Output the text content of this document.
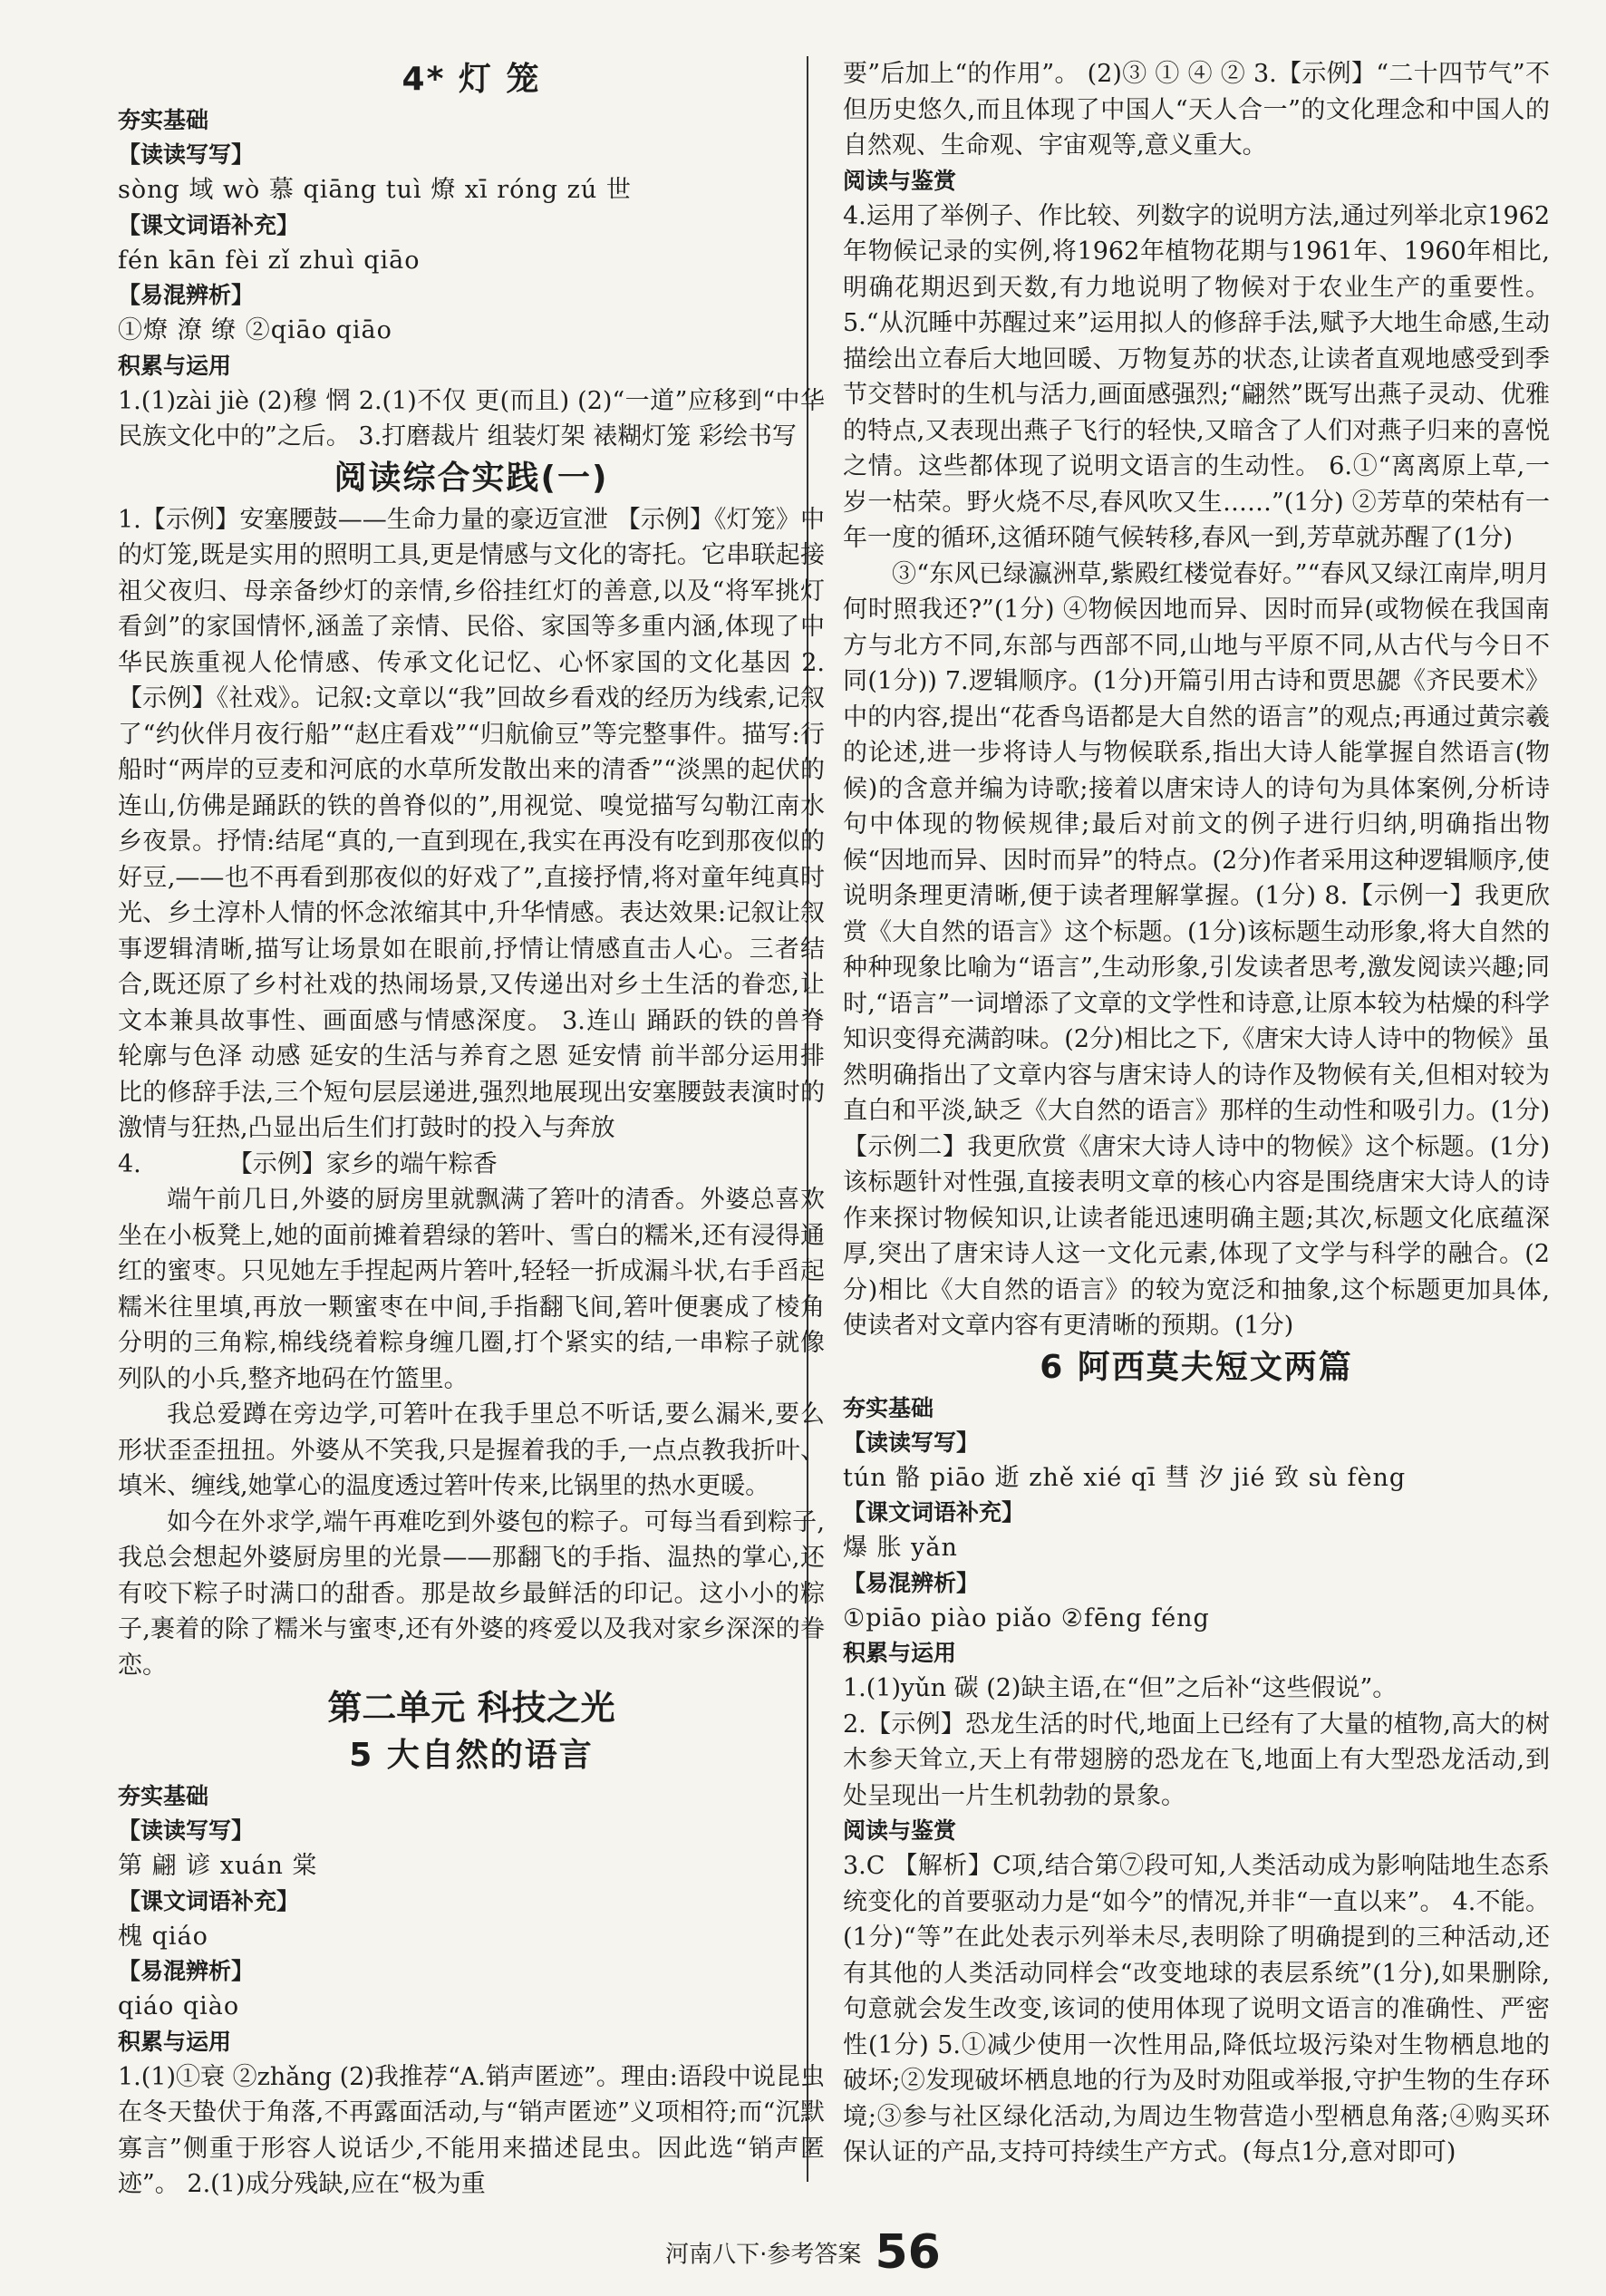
4* 灯 笼
夯实基础
【读读写写】

sòng 域 wò 慕 qiāng tuì 燎 xī róng zú 世

【课文词语补充】

fén kān fèi zǐ zhuì qiāo

【易混辨析】

①燎 潦 缭 ②qiāo qiāo

积累与运用

1.(1)zài jiè (2)穆 惘 2.(1)不仅 更(而且) (2)“一道”应移到“中华民族文化中的”之后。 3.打磨裁片 组装灯架 裱糊灯笼 彩绘书写

阅读综合实践(一)

1.【示例】安塞腰鼓——生命力量的豪迈宣泄 【示例】《灯笼》中的灯笼,既是实用的照明工具,更是情感与文化的寄托。它串联起接祖父夜归、母亲备纱灯的亲情,乡俗挂红灯的善意,以及“将军挑灯看剑”的家国情怀,涵盖了亲情、民俗、家国等多重内涵,体现了中华民族重视人伦情感、传承文化记忆、心怀家国的文化基因 2.【示例】《社戏》。记叙:文章以“我”回故乡看戏的经历为线索,记叙了“约伙伴月夜行船”“赵庄看戏”“归航偷豆”等完整事件。描写:行船时“两岸的豆麦和河底的水草所发散出来的清香”“淡黑的起伏的连山,仿佛是踊跃的铁的兽脊似的”,用视觉、嗅觉描写勾勒江南水乡夜景。抒情:结尾“真的,一直到现在,我实在再没有吃到那夜似的好豆,——也不再看到那夜似的好戏了”,直接抒情,将对童年纯真时光、乡土淳朴人情的怀念浓缩其中,升华情感。表达效果:记叙让叙事逻辑清晰,描写让场景如在眼前,抒情让情感直击人心。三者结合,既还原了乡村社戏的热闹场景,又传递出对乡土生活的眷恋,让文本兼具故事性、画面感与情感深度。 3.连山 踊跃的铁的兽脊 轮廓与色泽 动感 延安的生活与养育之恩 延安情 前半部分运用排比的修辞手法,三个短句层层递进,强烈地展现出安塞腰鼓表演时的激情与狂热,凸显出后生们打鼓时的投入与奔放

4.	【示例】家乡的端午粽香

端午前几日,外婆的厨房里就飘满了箬叶的清香。外婆总喜欢坐在小板凳上,她的面前摊着碧绿的箬叶、雪白的糯米,还有浸得通红的蜜枣。只见她左手捏起两片箬叶,轻轻一折成漏斗状,右手舀起糯米往里填,再放一颗蜜枣在中间,手指翻飞间,箬叶便裹成了棱角分明的三角粽,棉线绕着粽身缠几圈,打个紧实的结,一串粽子就像列队的小兵,整齐地码在竹篮里。

我总爱蹲在旁边学,可箬叶在我手里总不听话,要么漏米,要么形状歪歪扭扭。外婆从不笑我,只是握着我的手,一点点教我折叶、填米、缠线,她掌心的温度透过箬叶传来,比锅里的热水更暖。

如今在外求学,端午再难吃到外婆包的粽子。可每当看到粽子,我总会想起外婆厨房里的光景——那翻飞的手指、温热的掌心,还有咬下粽子时满口的甜香。那是故乡最鲜活的印记。这小小的粽子,裹着的除了糯米与蜜枣,还有外婆的疼爱以及我对家乡深深的眷恋。

第二单元 科技之光
5 大自然的语言
夯实基础
【读读写写】

第 翩 谚 xuán 棠

【课文词语补充】

槐 qiáo

【易混辨析】

qiáo qiào

积累与运用

1.(1)①衰 ②zhǎng (2)我推荐“A.销声匿迹”。理由:语段中说昆虫在冬天蛰伏于角落,不再露面活动,与“销声匿迹”义项相符;而“沉默寡言”侧重于形容人说话少,不能用来描述昆虫。因此选“销声匿迹”。 2.(1)成分残缺,应在“极为重

要”后加上“的作用”。 (2)③ ① ④ ② 3.【示例】“二十四节气”不但历史悠久,而且体现了中国人“天人合一”的文化理念和中国人的自然观、生命观、宇宙观等,意义重大。

阅读与鉴赏

4.运用了举例子、作比较、列数字的说明方法,通过列举北京1962年物候记录的实例,将1962年植物花期与1961年、1960年相比,明确花期迟到天数,有力地说明了物候对于农业生产的重要性。 5.“从沉睡中苏醒过来”运用拟人的修辞手法,赋予大地生命感,生动描绘出立春后大地回暖、万物复苏的状态,让读者直观地感受到季节交替时的生机与活力,画面感强烈;“翩然”既写出燕子灵动、优雅的特点,又表现出燕子飞行的轻快,又暗含了人们对燕子归来的喜悦之情。这些都体现了说明文语言的生动性。 6.①“离离原上草,一岁一枯荣。野火烧不尽,春风吹又生……”(1分) ②芳草的荣枯有一年一度的循环,这循环随气候转移,春风一到,芳草就苏醒了(1分)

③“东风已绿瀛洲草,紫殿红楼觉春好。”“春风又绿江南岸,明月何时照我还?”(1分) ④物候因地而异、因时而异(或物候在我国南方与北方不同,东部与西部不同,山地与平原不同,从古代与今日不同(1分)) 7.逻辑顺序。(1分)开篇引用古诗和贾思勰《齐民要术》中的内容,提出“花香鸟语都是大自然的语言”的观点;再通过黄宗羲的论述,进一步将诗人与物候联系,指出大诗人能掌握自然语言(物候)的含意并编为诗歌;接着以唐宋诗人的诗句为具体案例,分析诗句中体现的物候规律;最后对前文的例子进行归纳,明确指出物候“因地而异、因时而异”的特点。(2分)作者采用这种逻辑顺序,使说明条理更清晰,便于读者理解掌握。(1分) 8.【示例一】我更欣赏《大自然的语言》这个标题。(1分)该标题生动形象,将大自然的种种现象比喻为“语言”,生动形象,引发读者思考,激发阅读兴趣;同时,“语言”一词增添了文章的文学性和诗意,让原本较为枯燥的科学知识变得充满韵味。(2分)相比之下,《唐宋大诗人诗中的物候》虽然明确指出了文章内容与唐宋诗人的诗作及物候有关,但相对较为直白和平淡,缺乏《大自然的语言》那样的生动性和吸引力。(1分)【示例二】我更欣赏《唐宋大诗人诗中的物候》这个标题。(1分)该标题针对性强,直接表明文章的核心内容是围绕唐宋大诗人的诗作来探讨物候知识,让读者能迅速明确主题;其次,标题文化底蕴深厚,突出了唐宋诗人这一文化元素,体现了文学与科学的融合。(2分)相比《大自然的语言》的较为宽泛和抽象,这个标题更加具体,使读者对文章内容有更清晰的预期。(1分)

6 阿西莫夫短文两篇
夯实基础
【读读写写】

tún 骼 piāo 逝 zhě xié qī 彗 汐 jié 致 sù fèng

【课文词语补充】

爆 胀 yǎn

【易混辨析】

①piāo piào piǎo ②fēng féng

积累与运用

1.(1)yǔn 碳 (2)缺主语,在“但”之后补“这些假说”。

2.【示例】恐龙生活的时代,地面上已经有了大量的植物,高大的树木参天耸立,天上有带翅膀的恐龙在飞,地面上有大型恐龙活动,到处呈现出一片生机勃勃的景象。

阅读与鉴赏

3.C 【解析】C项,结合第⑦段可知,人类活动成为影响陆地生态系统变化的首要驱动力是“如今”的情况,并非“一直以来”。 4.不能。(1分)“等”在此处表示列举未尽,表明除了明确提到的三种活动,还有其他的人类活动同样会“改变地球的表层系统”(1分),如果删除,句意就会发生改变,该词的使用体现了说明文语言的准确性、严密性(1分) 5.①减少使用一次性用品,降低垃圾污染对生物栖息地的破坏;②发现破坏栖息地的行为及时劝阻或举报,守护生物的生存环境;③参与社区绿化活动,为周边生物营造小型栖息角落;④购买环保认证的产品,支持可持续生产方式。(每点1分,意对即可)

河南八下·参考答案 56
